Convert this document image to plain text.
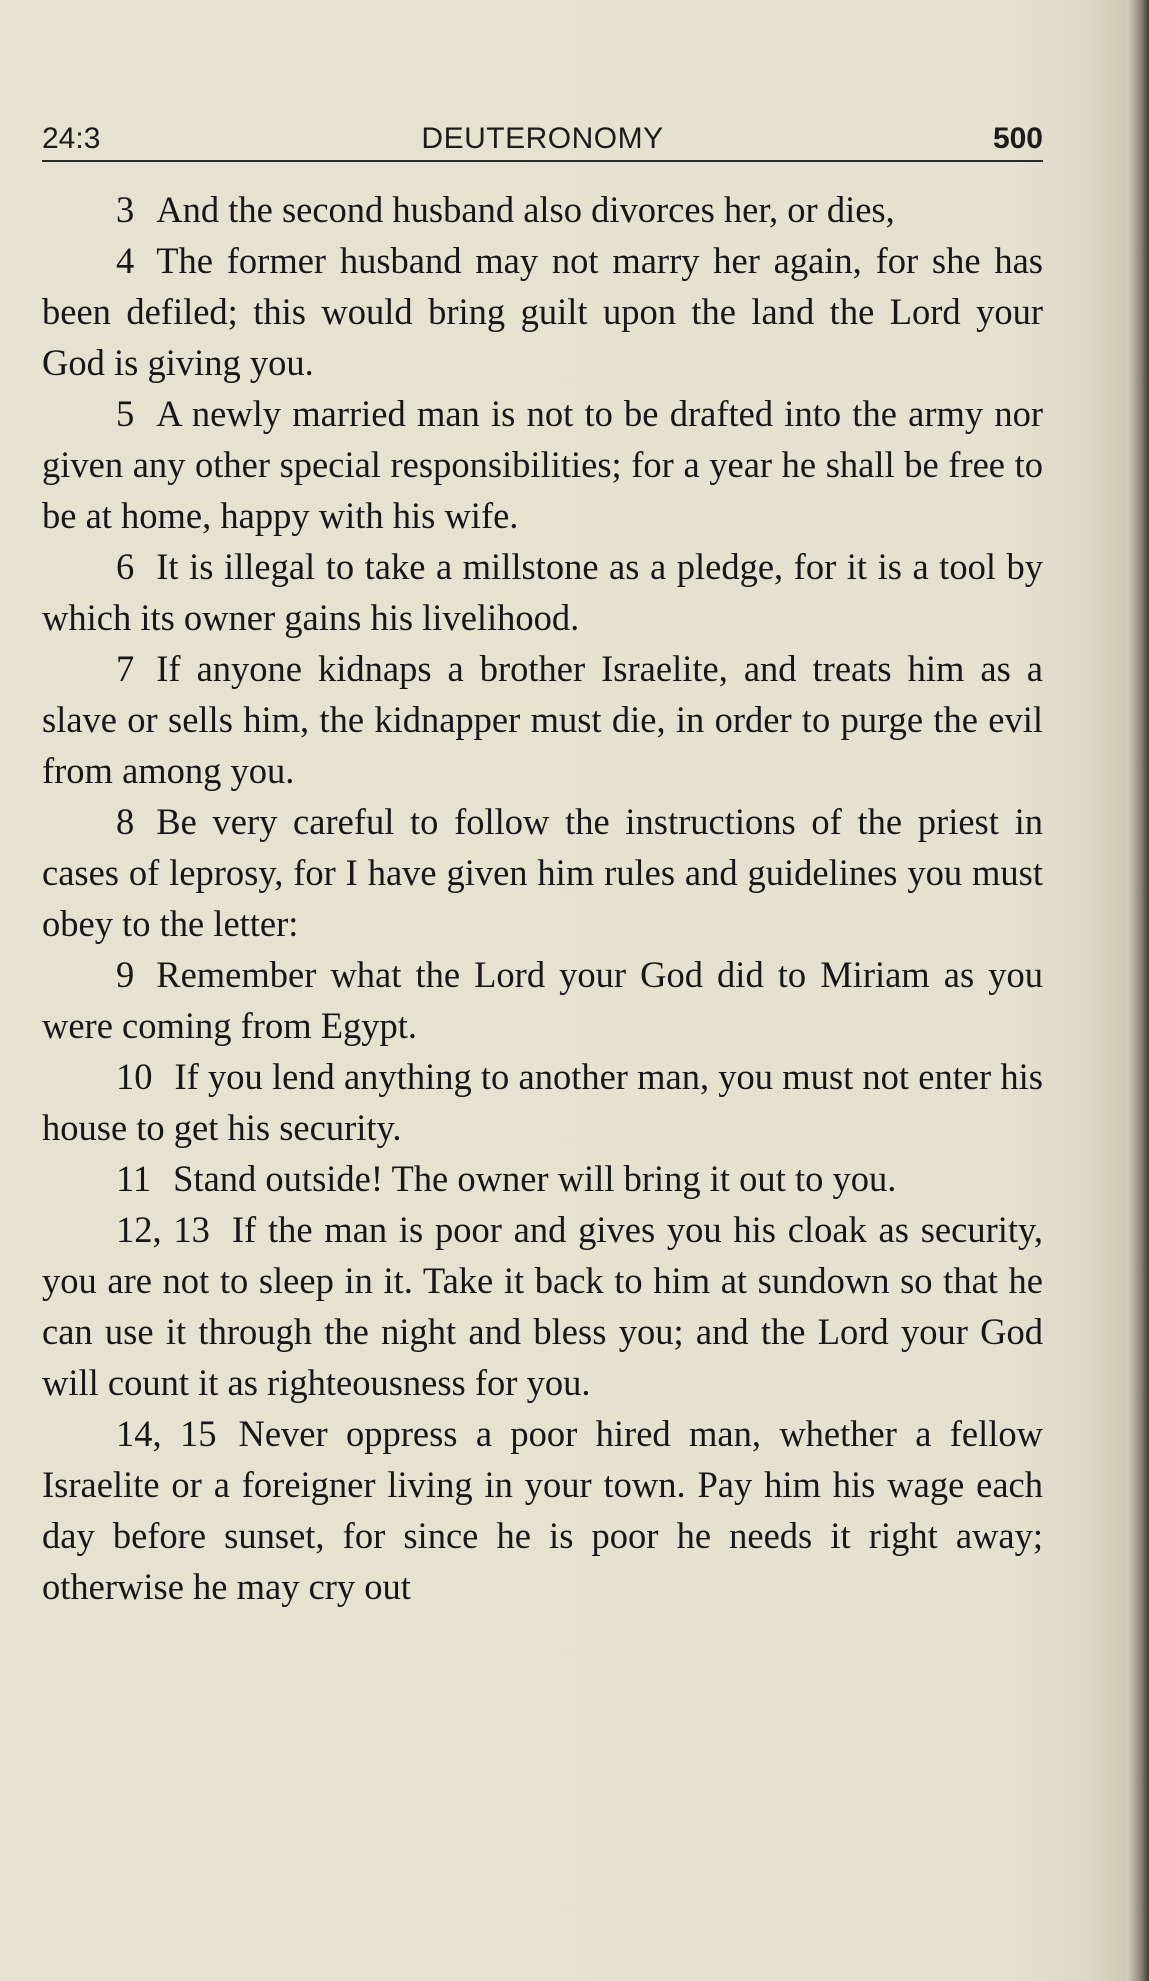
24:3	DEUTERONOMY	500

3 And the second husband also divorces her, or dies,

4 The former husband may not marry her again, for she has been defiled; this would bring guilt upon the land the Lord your God is giving you.

5 A newly married man is not to be drafted into the army nor given any other special responsibilities; for a year he shall be free to be at home, happy with his wife.

6 It is illegal to take a millstone as a pledge, for it is a tool by which its owner gains his livelihood.

7 If anyone kidnaps a brother Israelite, and treats him as a slave or sells him, the kidnapper must die, in order to purge the evil from among you.

8 Be very careful to follow the instructions of the priest in cases of leprosy, for I have given him rules and guidelines you must obey to the letter:

9 Remember what the Lord your God did to Miriam as you were coming from Egypt.

10 If you lend anything to another man, you must not enter his house to get his security.

11 Stand outside! The owner will bring it out to you.

12, 13 If the man is poor and gives you his cloak as security, you are not to sleep in it. Take it back to him at sundown so that he can use it through the night and bless you; and the Lord your God will count it as righteousness for you.

14, 15 Never oppress a poor hired man, whether a fellow Israelite or a foreigner living in your town. Pay him his wage each day before sunset, for since he is poor he needs it right away; otherwise he may cry out
